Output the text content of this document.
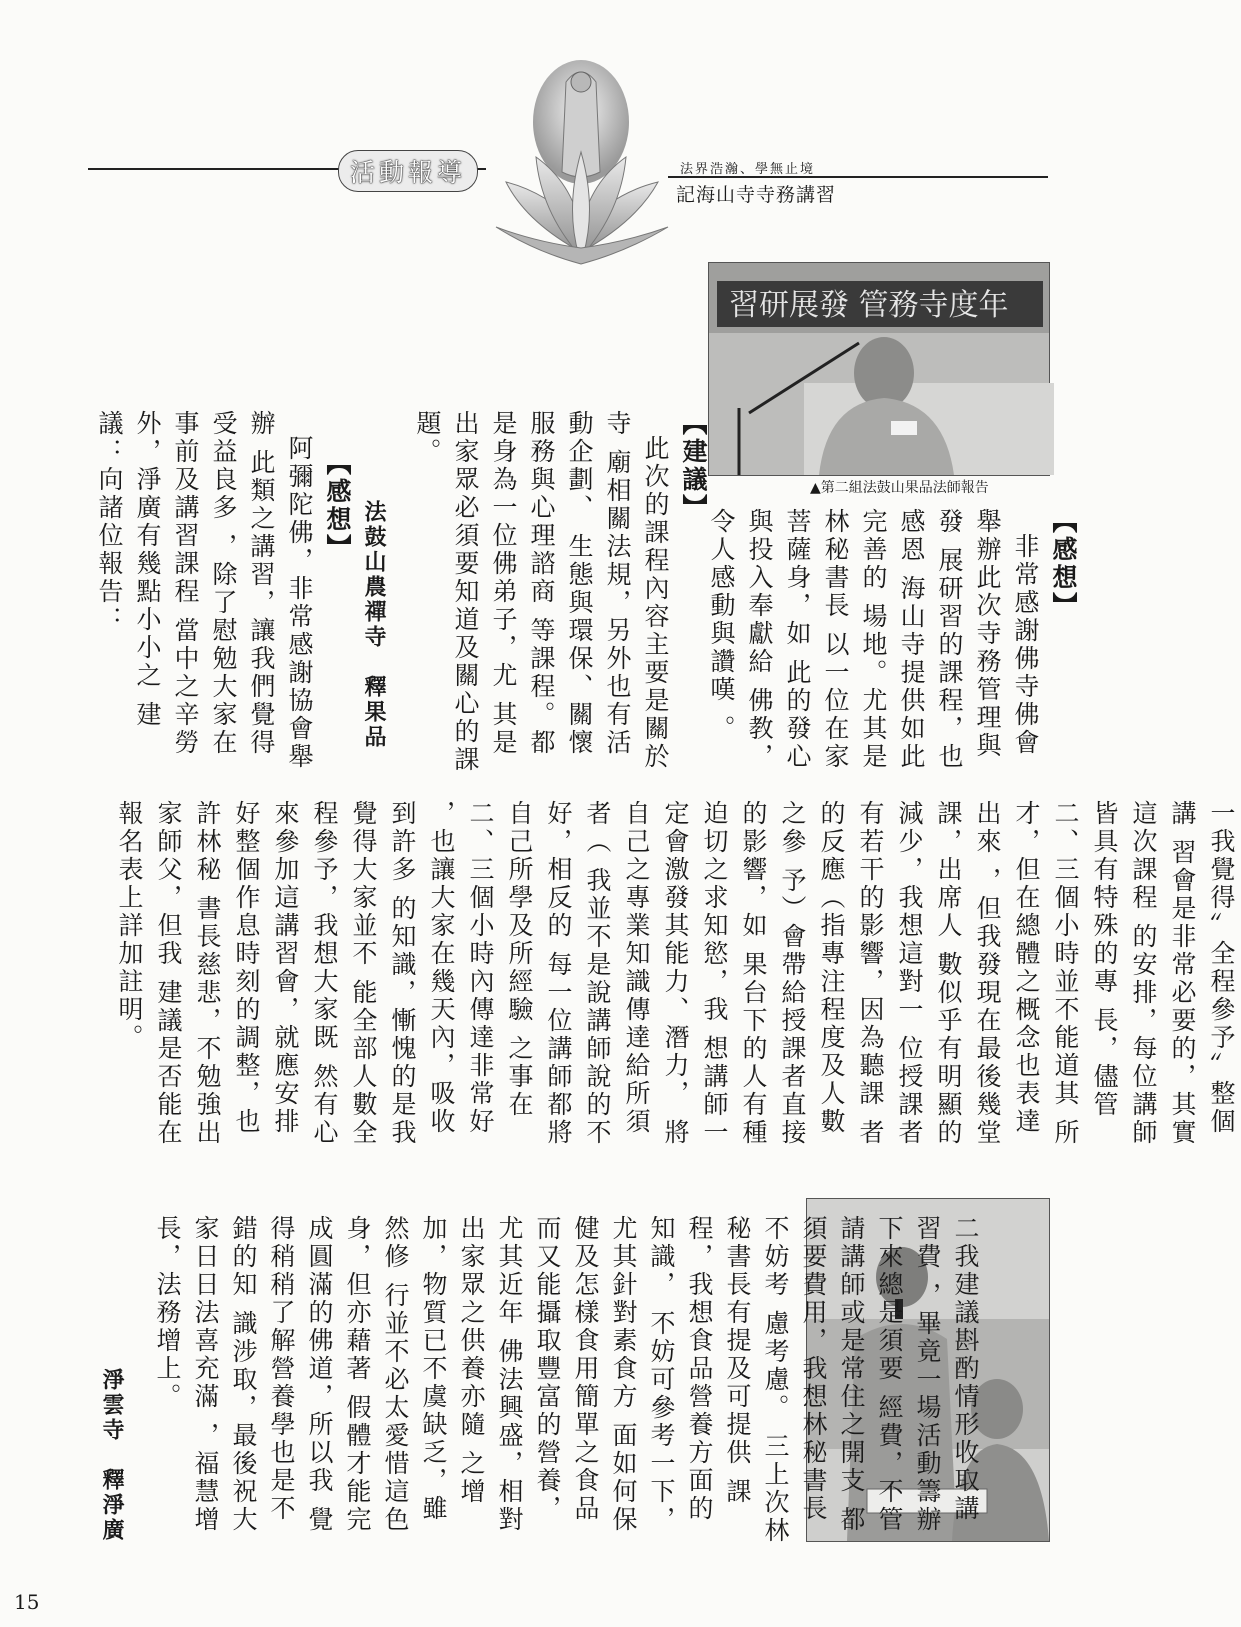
活動報導	法界浩瀚、學無止境
記海山寺寺務講習
習研展發 管務寺度年
▲第二組法鼓山果品法師報告
【感想】
非常感謝佛寺佛會 舉辦此次寺務管理與發 展研習的課程，也感恩 海山寺提供如此完善的 場地。尤其是林秘書長 以一位在家菩薩身，如 此的發心與投入奉獻給 佛教，令人感動與讚嘆 。
【建議】
此次的課程內容主要是關於寺 廟相關法規，另外也有活動企劃、 生態與環保、關懷服務與心理諮商 等課程。都是身為一位佛弟子，尤 其是出家眾必須要知道及關心的課 題。
法鼓山農禪寺　釋果品
【感想】
阿彌陀佛，非常感謝協會舉辦 此類之講習，讓我們覺得受益良多 ，除了慰勉大家在事前及講習課程 當中之辛勞外，淨廣有幾點小小之 建議：向諸位報告：
一我覺得〞全程參予〞整個講 習會是非常必要的，其實這次課程 的安排，每位講師皆具有特殊的專 長，儘管二、三個小時並不能道其 所才，但在總體之概念也表達出來 ，但我發現在最後幾堂課，出席人 數似乎有明顯的減少，我想這對一 位授課者有若干的影響，因為聽課 者的反應（指專注程度及人數之參 予）會帶給授課者直接的影響，如 果台下的人有種迫切之求知慾，我 想講師一定會激發其能力、潛力， 將自己之專業知識傳達給所須者（ 我並不是說講師說的不好，相反的 每一位講師都將自己所學及所經驗 之事在二、三個小時內傳達非常好 ，也讓大家在幾天內，吸收到許多 的知識，慚愧的是我覺得大家並不 能全部人數全程參予，我想大家既 然有心來參加這講習會，就應安排 好整個作息時刻的調整，也許林秘 書長慈悲，不勉強出家師父，但我 建議是否能在報名表上詳加註明。
二我建議斟酌情形收取講習費 ，畢竟一場活動籌辦下來總是須要 經費，不管請講師或是常住之開支 都須要費用，我想林秘書長不妨考 慮考慮。 三上次林秘書長有提及可提供 課程，我想食品營養方面的知識， 不妨可參考一下，尤其針對素食方 面如何保健及怎樣食用簡單之食品 而又能攝取豐富的營養，尤其近年 佛法興盛，相對出家眾之供養亦隨 之增加，物質已不虞缺乏，雖然修 行並不必太愛惜這色身，但亦藉著 假體才能完成圓滿的佛道，所以我 覺得稍稍了解營養學也是不錯的知 識涉取，最後祝大家日日法喜充滿 ，福慧增長，法務增上。
淨雲寺　釋淨廣
15
